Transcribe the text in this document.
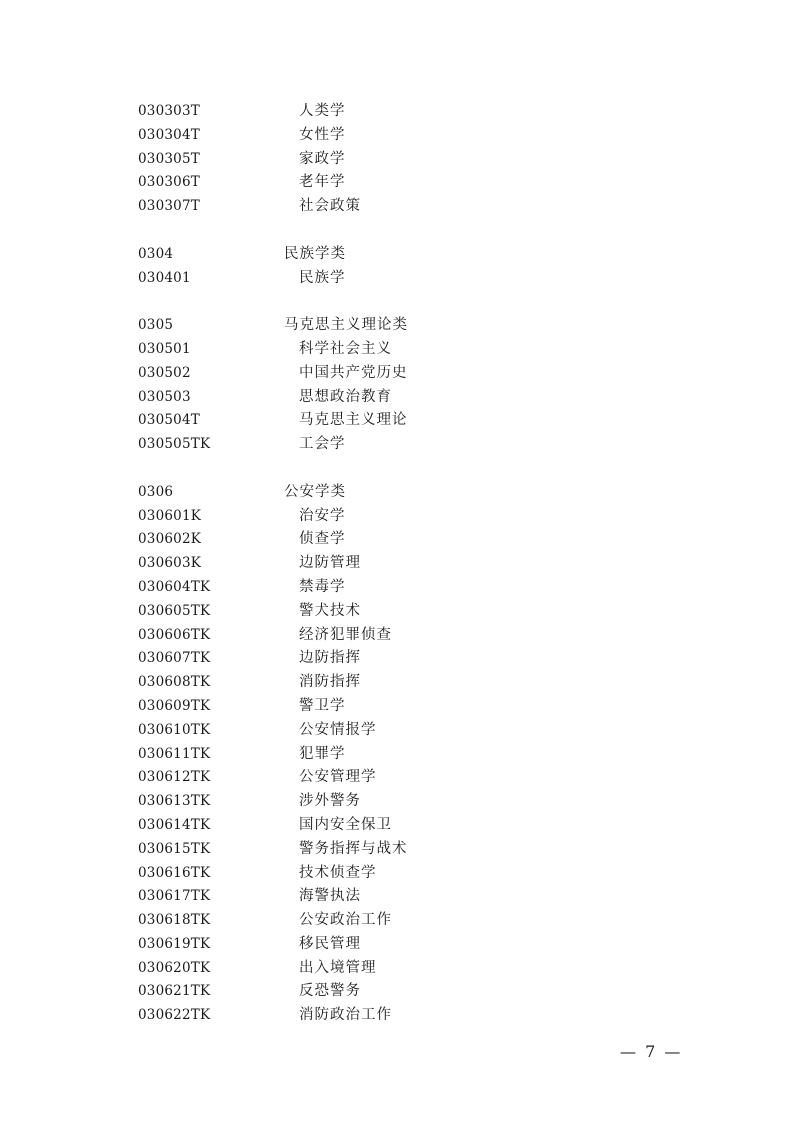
030303T	人类学
030304T	女性学
030305T	家政学
030306T	老年学
030307T	社会政策
0304	民族学类
030401	民族学
0305	马克思主义理论类
030501	科学社会主义
030502	中国共产党历史
030503	思想政治教育
030504T	马克思主义理论
030505TK	工会学
0306	公安学类
030601K	治安学
030602K	侦查学
030603K	边防管理
030604TK	禁毒学
030605TK	警犬技术
030606TK	经济犯罪侦查
030607TK	边防指挥
030608TK	消防指挥
030609TK	警卫学
030610TK	公安情报学
030611TK	犯罪学
030612TK	公安管理学
030613TK	涉外警务
030614TK	国内安全保卫
030615TK	警务指挥与战术
030616TK	技术侦查学
030617TK	海警执法
030618TK	公安政治工作
030619TK	移民管理
030620TK	出入境管理
030621TK	反恐警务
030622TK	消防政治工作
— 7 —
